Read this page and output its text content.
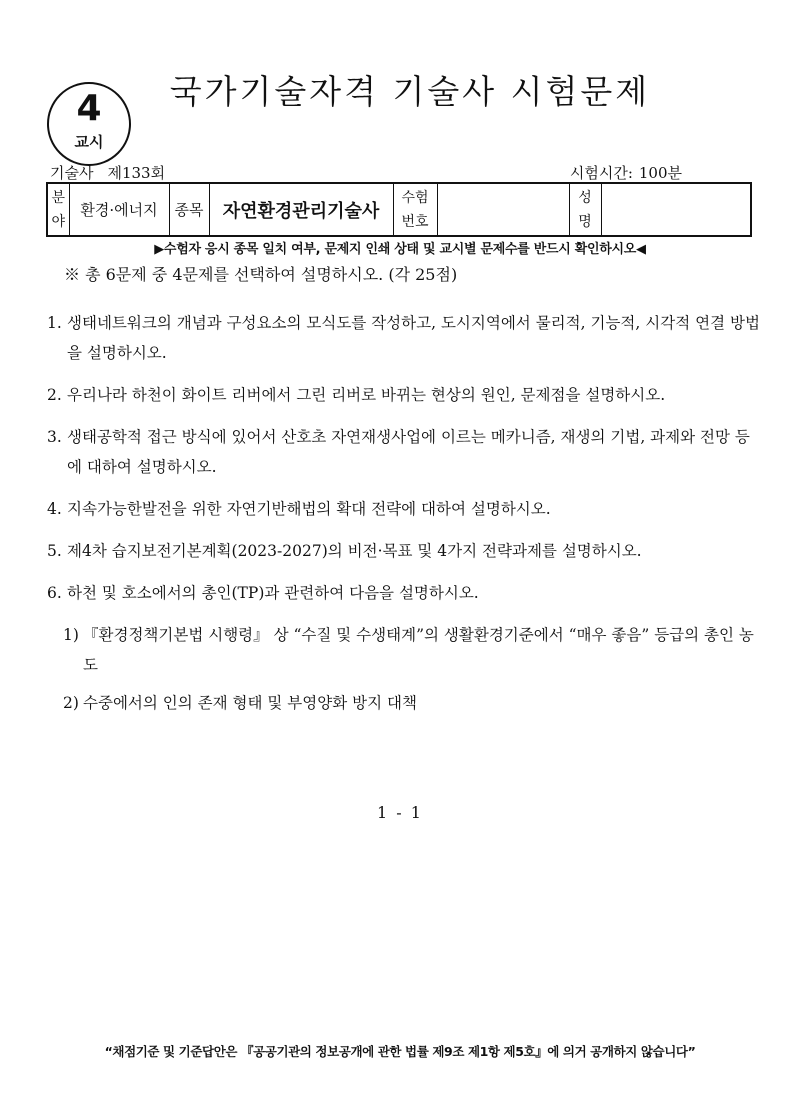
4
교시
국가기술자격 기술사 시험문제
기술사 제133회	시험시간: 100분
분야	환경·에너지	종목	자연환경관리기술사	수험번호		성명	
▶수험자 응시 종목 일치 여부, 문제지 인쇄 상태 및 교시별 문제수를 반드시 확인하시오◀
※ 총 6문제 중 4문제를 선택하여 설명하시오. (각 25점)
1. 생태네트워크의 개념과 구성요소의 모식도를 작성하고, 도시지역에서 물리적, 기능적, 시각적 연결 방법을 설명하시오.
2. 우리나라 하천이 화이트 리버에서 그린 리버로 바뀌는 현상의 원인, 문제점을 설명하시오.
3. 생태공학적 접근 방식에 있어서 산호초 자연재생사업에 이르는 메카니즘, 재생의 기법, 과제와 전망 등에 대하여 설명하시오.
4. 지속가능한발전을 위한 자연기반해법의 확대 전략에 대하여 설명하시오.
5. 제4차 습지보전기본계획(2023-2027)의 비전·목표 및 4가지 전략과제를 설명하시오.
6. 하천 및 호소에서의 총인(TP)과 관련하여 다음을 설명하시오.
1) 『환경정책기본법 시행령』 상 “수질 및 수생태계”의 생활환경기준에서 “매우 좋음” 등급의 총인 농도
2) 수중에서의 인의 존재 형태 및 부영양화 방지 대책
1 - 1
“채점기준 및 기준답안은 『공공기관의 정보공개에 관한 법률 제9조 제1항 제5호』에 의거 공개하지 않습니다”
